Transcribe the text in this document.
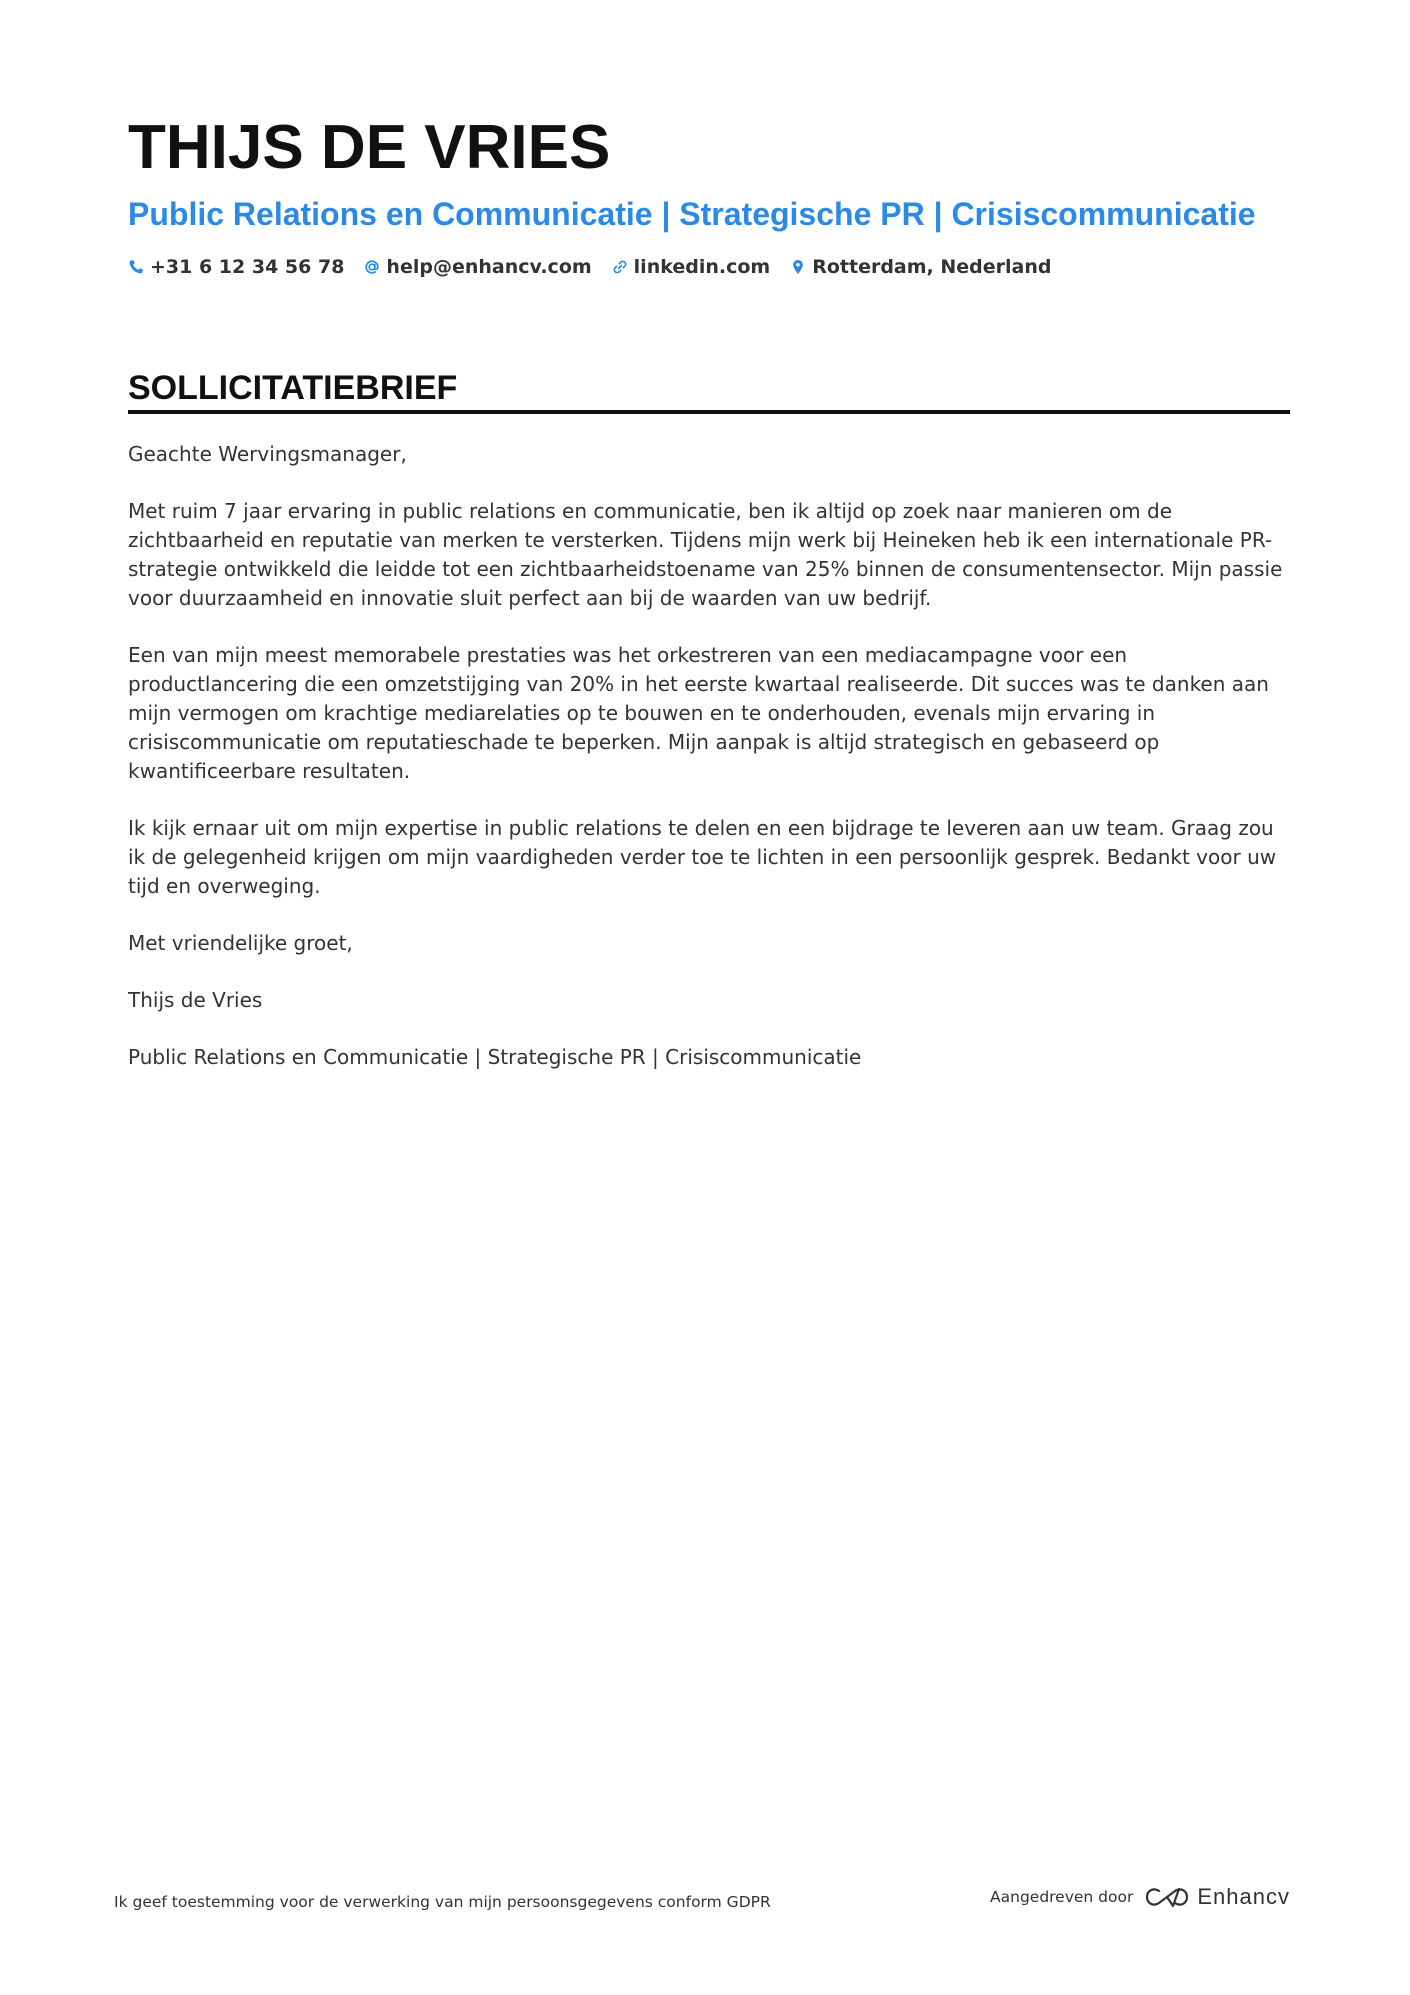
THIJS DE VRIES
Public Relations en Communicatie | Strategische PR | Crisiscommunicatie
+31 6 12 34 56 78 help@enhancv.com linkedin.com Rotterdam, Nederland
SOLLICITATIEBRIEF

Geachte Wervingsmanager,

Met ruim 7 jaar ervaring in public relations en communicatie, ben ik altijd op zoek naar manieren om de zichtbaarheid en reputatie van merken te versterken. Tijdens mijn werk bij Heineken heb ik een internationale PR-strategie ontwikkeld die leidde tot een zichtbaarheidstoename van 25% binnen de consumentensector. Mijn passie voor duurzaamheid en innovatie sluit perfect aan bij de waarden van uw bedrijf.

Een van mijn meest memorabele prestaties was het orkestreren van een mediacampagne voor een productlancering die een omzetstijging van 20% in het eerste kwartaal realiseerde. Dit succes was te danken aan mijn vermogen om krachtige mediarelaties op te bouwen en te onderhouden, evenals mijn ervaring in crisiscommunicatie om reputatieschade te beperken. Mijn aanpak is altijd strategisch en gebaseerd op kwantificeerbare resultaten.

Ik kijk ernaar uit om mijn expertise in public relations te delen en een bijdrage te leveren aan uw team. Graag zou ik de gelegenheid krijgen om mijn vaardigheden verder toe te lichten in een persoonlijk gesprek. Bedankt voor uw tijd en overweging.

Met vriendelijke groet,

Thijs de Vries

Public Relations en Communicatie | Strategische PR | Crisiscommunicatie

Ik geef toestemming voor de verwerking van mijn persoonsgegevens conform GDPR	Aangedreven door	Enhancv
